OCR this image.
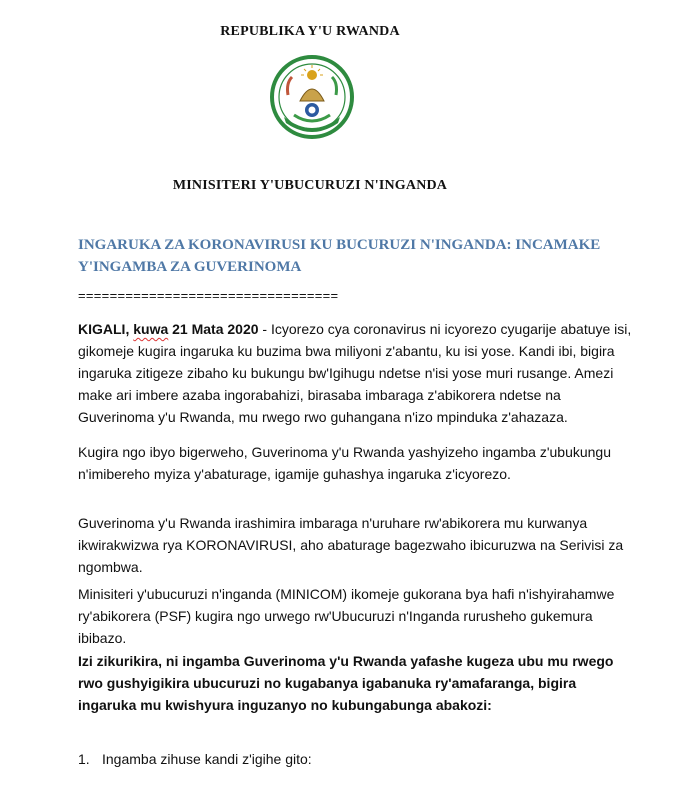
REPUBLIKA Y'U RWANDA
MINISITERI Y'UBUCURUZI N'INGANDA
INGARUKA ZA KORONAVIRUSI KU BUCURUZI N'INGANDA: INCAMAKE
Y'INGAMBA ZA GUVERINOMA
=================================

KIGALI, kuwa 21 Mata 2020 - Icyorezo cya coronavirus ni icyorezo cyugarije abatuye isi, gikomeje kugira ingaruka ku buzima bwa miliyoni z'abantu, ku isi yose. Kandi ibi, bigira ingaruka zitigeze zibaho ku bukungu bw'Igihugu ndetse n'isi yose muri rusange. Amezi make ari imbere azaba ingorabahizi, birasaba imbaraga z'abikorera ndetse na Guverinoma y'u Rwanda, mu rwego rwo guhangana n'izo mpinduka z'ahazaza.

Kugira ngo ibyo bigerweho, Guverinoma y'u Rwanda yashyizeho ingamba z'ubukungu n'imibereho myiza y'abaturage, igamije guhashya ingaruka z'icyorezo.

Guverinoma y'u Rwanda irashimira imbaraga n'uruhare rw'abikorera mu kurwanya ikwirakwizwa rya KORONAVIRUSI, aho abaturage bagezwaho ibicuruzwa na Serivisi za ngombwa.

Minisiteri y'ubucuruzi n'inganda (MINICOM) ikomeje gukorana bya hafi n'ishyirahamwe ry'abikorera (PSF) kugira ngo urwego rw'Ubucuruzi n'Inganda rurusheho gukemura ibibazo.

Izi zikurikira, ni ingamba Guverinoma y'u Rwanda yafashe kugeza ubu mu rwego rwo gushyigikira ubucuruzi no kugabanya igabanuka ry'amafaranga, bigira ingaruka mu kwishyura inguzanyo no kubungabunga abakozi:

1. Ingamba zihuse kandi z'igihe gito:
